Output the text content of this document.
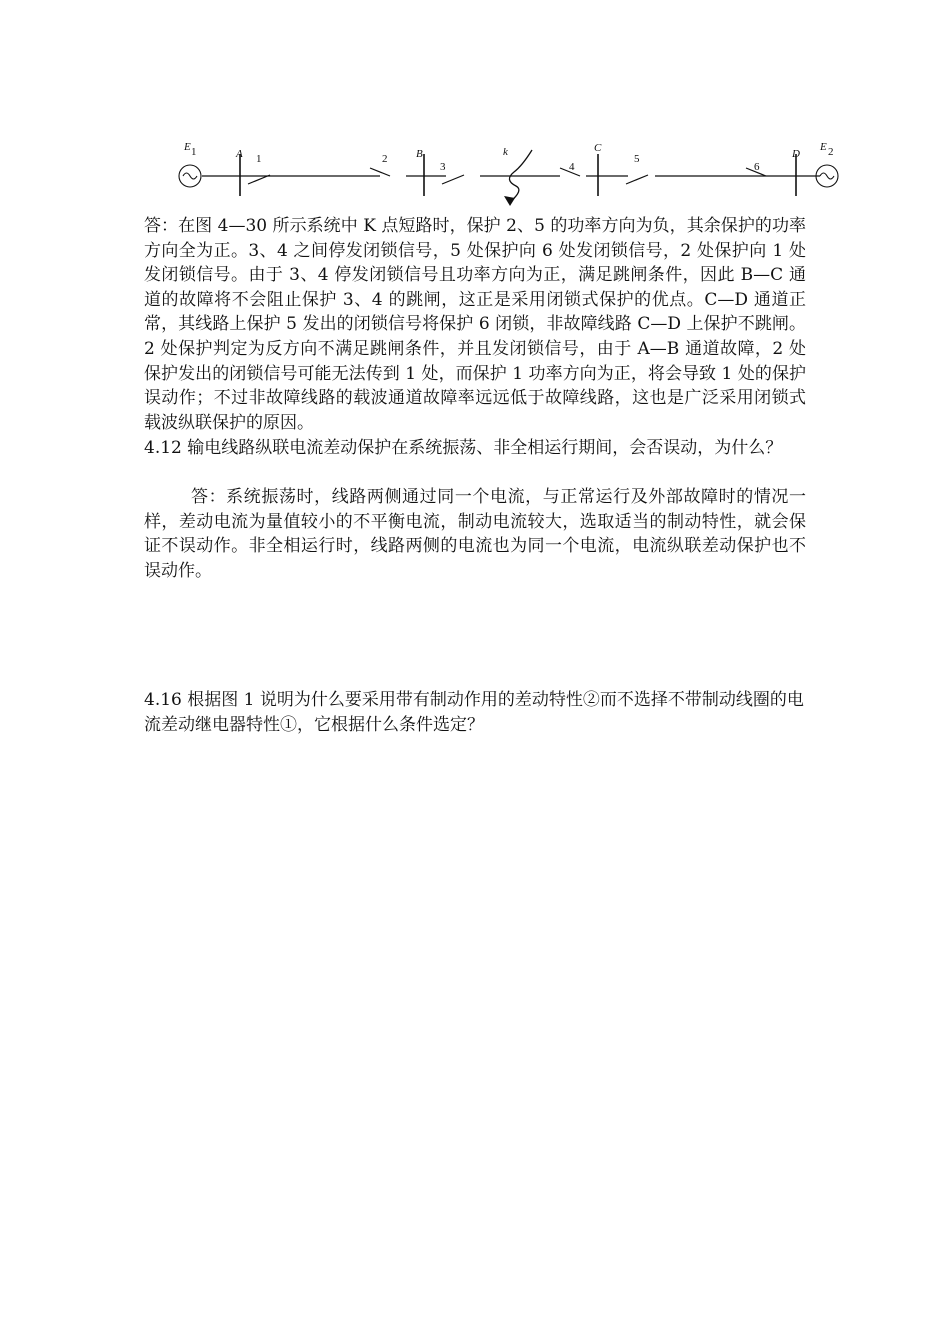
E 1	E 2
A	B	C	D
k
1	2
3	4
5
6

答：在图 4—30 所示系统中 K 点短路时，保护 2、5 的功率方向为负，其余保护的功率方向全为正。3、4 之间停发闭锁信号，5 处保护向 6 处发闭锁信号，2 处保护向 1 处发闭锁信号。由于 3、4 停发闭锁信号且功率方向为正，满足跳闸条件，因此 B—C 通道的故障将不会阻止保护 3、4 的跳闸，这正是采用闭锁式保护的优点。C—D 通道正常，其线路上保护 5 发出的闭锁信号将保护 6 闭锁，非故障线路 C—D 上保护不跳闸。2 处保护判定为反方向不满足跳闸条件，并且发闭锁信号，由于 A—B 通道故障，2 处保护发出的闭锁信号可能无法传到 1 处，而保护 1 功率方向为正，将会导致 1 处的保护误动作；不过非故障线路的载波通道故障率远远低于故障线路，这也是广泛采用闭锁式载波纵联保护的原因。

4.12 输电线路纵联电流差动保护在系统振荡、非全相运行期间，会否误动，为什么？

答：系统振荡时，线路两侧通过同一个电流，与正常运行及外部故障时的情况一样，差动电流为量值较小的不平衡电流，制动电流较大，选取适当的制动特性，就会保证不误动作。非全相运行时，线路两侧的电流也为同一个电流，电流纵联差动保护也不误动作。

4.16 根据图 1 说明为什么要采用带有制动作用的差动特性②而不选择不带制动线圈的电流差动继电器特性①，它根据什么条件选定？
